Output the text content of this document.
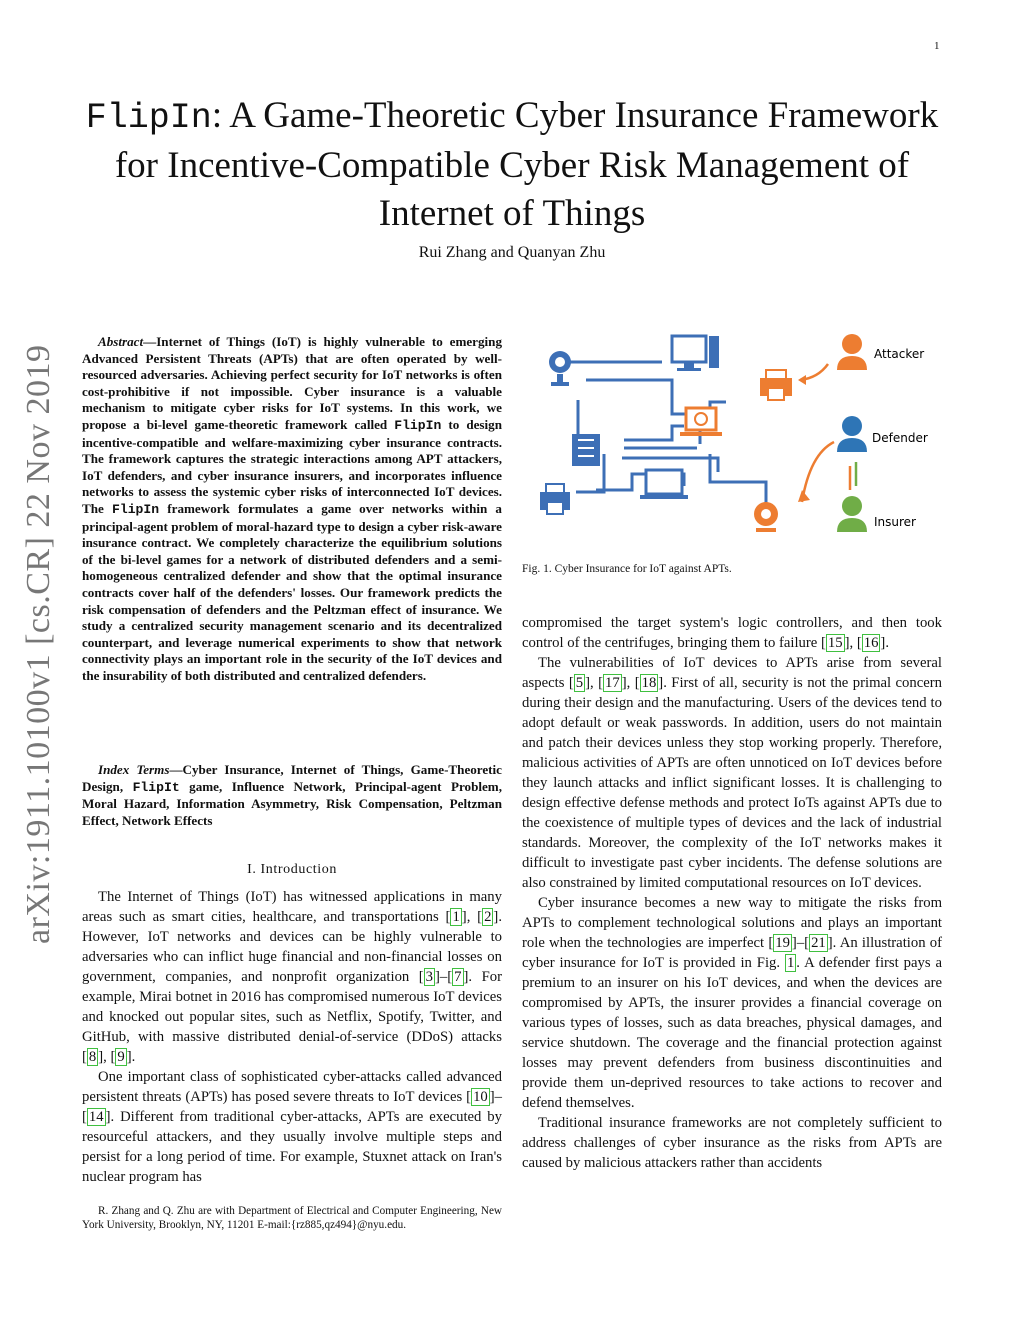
1
FlipIn: A Game-Theoretic Cyber Insurance Framework for Incentive-Compatible Cyber Risk Management of Internet of Things
Rui Zhang and Quanyan Zhu
arXiv:1911.10100v1 [cs.CR] 22 Nov 2019

Abstract—Internet of Things (IoT) is highly vulnerable to emerging Advanced Persistent Threats (APTs) that are often operated by well-resourced adversaries. Achieving perfect security for IoT networks is often cost-prohibitive if not impossible. Cyber insurance is a valuable mechanism to mitigate cyber risks for IoT systems. In this work, we propose a bi-level game-theoretic framework called FlipIn to design incentive-compatible and welfare-maximizing cyber insurance contracts. The framework captures the strategic interactions among APT attackers, IoT defenders, and cyber insurance insurers, and incorporates influence networks to assess the systemic cyber risks of interconnected IoT devices. The FlipIn framework formulates a game over networks within a principal-agent problem of moral-hazard type to design a cyber risk-aware insurance contract. We completely characterize the equilibrium solutions of the bi-level games for a network of distributed defenders and a semi-homogeneous centralized defender and show that the optimal insurance contracts cover half of the defenders' losses. Our framework predicts the risk compensation of defenders and the Peltzman effect of insurance. We study a centralized security management scenario and its decentralized counterpart, and leverage numerical experiments to show that network connectivity plays an important role in the security of the IoT devices and the insurability of both distributed and centralized defenders.

Index Terms—Cyber Insurance, Internet of Things, Game-Theoretic Design, FlipIt game, Influence Network, Principal-agent Problem, Moral Hazard, Information Asymmetry, Risk Compensation, Peltzman Effect, Network Effects

I. Introduction

The Internet of Things (IoT) has witnessed applications in many areas such as smart cities, healthcare, and transportations [ 1 ], [ 2 ]. However, IoT networks and devices can be highly vulnerable to adversaries who can inflict huge financial and non-financial losses on government, companies, and nonprofit organization [ 3 ]–[ 7 ]. For example, Mirai botnet in 2016 has compromised numerous IoT devices and knocked out popular sites, such as Netflix, Spotify, Twitter, and GitHub, with massive distributed denial-of-service (DDoS) attacks [ 8 ], [ 9 ].

One important class of sophisticated cyber-attacks called advanced persistent threats (APTs) has posed severe threats to IoT devices [ 10 ]–[ 14 ]. Different from traditional cyber-attacks, APTs are executed by resourceful attackers, and they usually involve multiple steps and persist for a long period of time. For example, Stuxnet attack on Iran's nuclear program has

R. Zhang and Q. Zhu are with Department of Electrical and Computer Engineering, New York University, Brooklyn, NY, 11201 E-mail:{rz885,qz494}@nyu.edu.
Attacker
Defender
Insurer
Fig. 1. Cyber Insurance for IoT against APTs.

compromised the target system's logic controllers, and then took control of the centrifuges, bringing them to failure [ 15 ], [ 16 ].

The vulnerabilities of IoT devices to APTs arise from several aspects [ 5 ], [ 17 ], [ 18 ]. First of all, security is not the primal concern during their design and the manufacturing. Users of the devices tend to adopt default or weak passwords. In addition, users do not maintain and patch their devices unless they stop working properly. Therefore, malicious activities of APTs are often unnoticed on IoT devices before they launch attacks and inflict significant losses. It is challenging to design effective defense methods and protect IoTs against APTs due to the coexistence of multiple types of devices and the lack of industrial standards. Moreover, the complexity of the IoT networks makes it difficult to investigate past cyber incidents. The defense solutions are also constrained by limited computational resources on IoT devices.

Cyber insurance becomes a new way to mitigate the risks from APTs to complement technological solutions and plays an important role when the technologies are imperfect [ 19 ]–[ 21 ]. An illustration of cyber insurance for IoT is provided in Fig. 1 . A defender first pays a premium to an insurer on his IoT devices, and when the devices are compromised by APTs, the insurer provides a financial coverage on various types of losses, such as data breaches, physical damages, and service shutdown. The coverage and the financial protection against losses may prevent defenders from business discontinuities and provide them un-deprived resources to take actions to recover and defend themselves.

Traditional insurance frameworks are not completely sufficient to address challenges of cyber insurance as the risks from APTs are caused by malicious attackers rather than accidents
